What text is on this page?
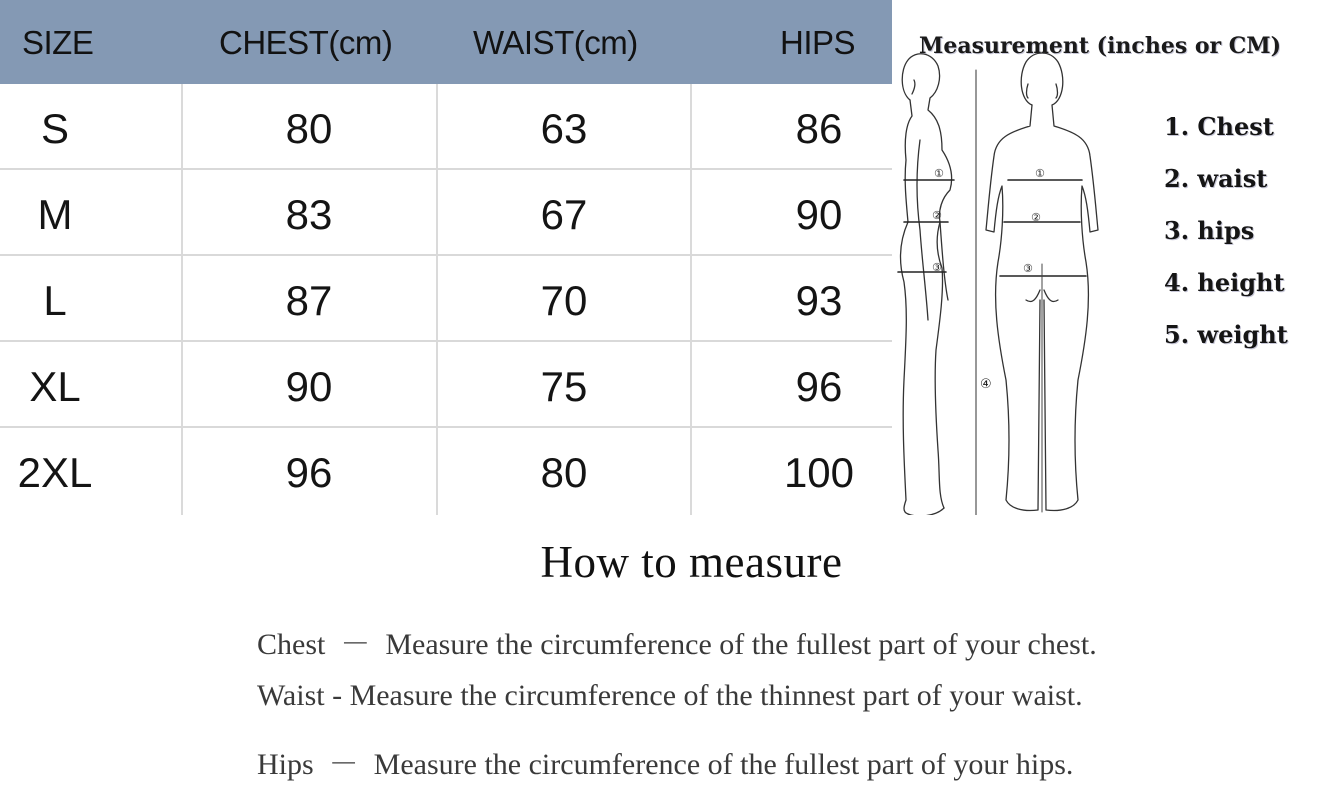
SIZE	CHEST(cm) WAIST(cm)	HIPS
S	80	63	86
M	83	67	90
L	87	70	93
XL	90	75	96
2XL	96	80	100
Measurement (inches or CM)
①
②
③
①
②
③
④
1. Chest
2. waist
3. hips
4. height
5. weight
How to measure
Chest  －  Measure the circumference of the fullest part of your chest.
Waist - Measure the circumference of the thinnest part of your waist.
Hips  －  Measure the circumference of the fullest part of your hips.
